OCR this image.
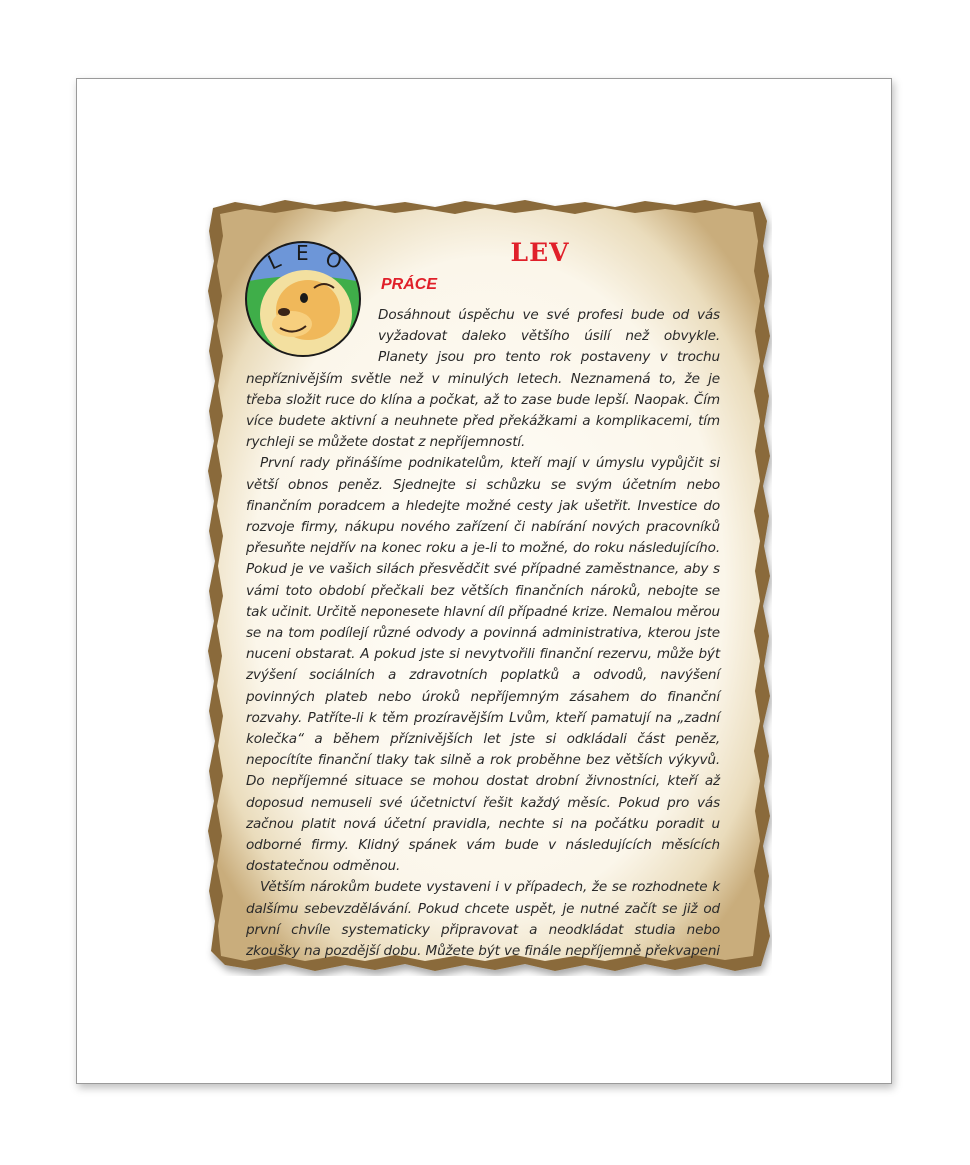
L E O	LEV
PRÁCE

Dosáhnout úspěchu ve své profesi bude od vás vyžadovat daleko většího úsilí než obvykle. Planety jsou pro tento rok postaveny v trochu nepříznivějším světle než v minulých letech. Neznamená to, že je třeba složit ruce do klína a počkat, až to zase bude lepší. Naopak. Čím více budete aktivní a neuhnete před překážkami a komplikacemi, tím rychleji se můžete dostat z nepříjemností.

První rady přinášíme podnikatelům, kteří mají v úmyslu vypůjčit si větší obnos peněz. Sjednejte si schůzku se svým účetním nebo finančním poradcem a hledejte možné cesty jak ušetřit. Investice do rozvoje firmy, nákupu nového zařízení či nabírání nových pracovníků přesuňte nejdřív na konec roku a je-li to možné, do roku následujícího. Pokud je ve vašich silách přesvědčit své případné zaměstnance, aby s vámi toto období přečkali bez větších finančních nároků, nebojte se tak učinit. Určitě neponesete hlavní díl případné krize. Nemalou měrou se na tom podílejí různé odvody a povinná administrativa, kterou jste nuceni obstarat. A pokud jste si nevytvořili finanční rezervu, může být zvýšení sociálních a zdravotních poplatků a odvodů, navýšení povinných plateb nebo úroků nepříjemným zásahem do finanční rozvahy. Patříte-li k těm prozíravějším Lvům, kteří pamatují na „zadní kolečka“ a během příznivějších let jste si odkládali část peněz, nepocítíte finanční tlaky tak silně a rok proběhne bez větších výkyvů. Do nepříjemné situace se mohou dostat drobní živnostníci, kteří až doposud nemuseli své účetnictví řešit každý měsíc. Pokud pro vás začnou platit nová účetní pravidla, nechte si na počátku poradit u odborné firmy. Klidný spánek vám bude v následujících měsících dostatečnou odměnou.

Větším nárokům budete vystaveni i v případech, že se rozhodnete k dalšímu sebevzdělávání. Pokud chcete uspět, je nutné začít se již od první chvíle systematicky připravovat a neodkládat studia nebo zkoušky na pozdější dobu. Můžete být ve finále nepříjemně překvapeni
